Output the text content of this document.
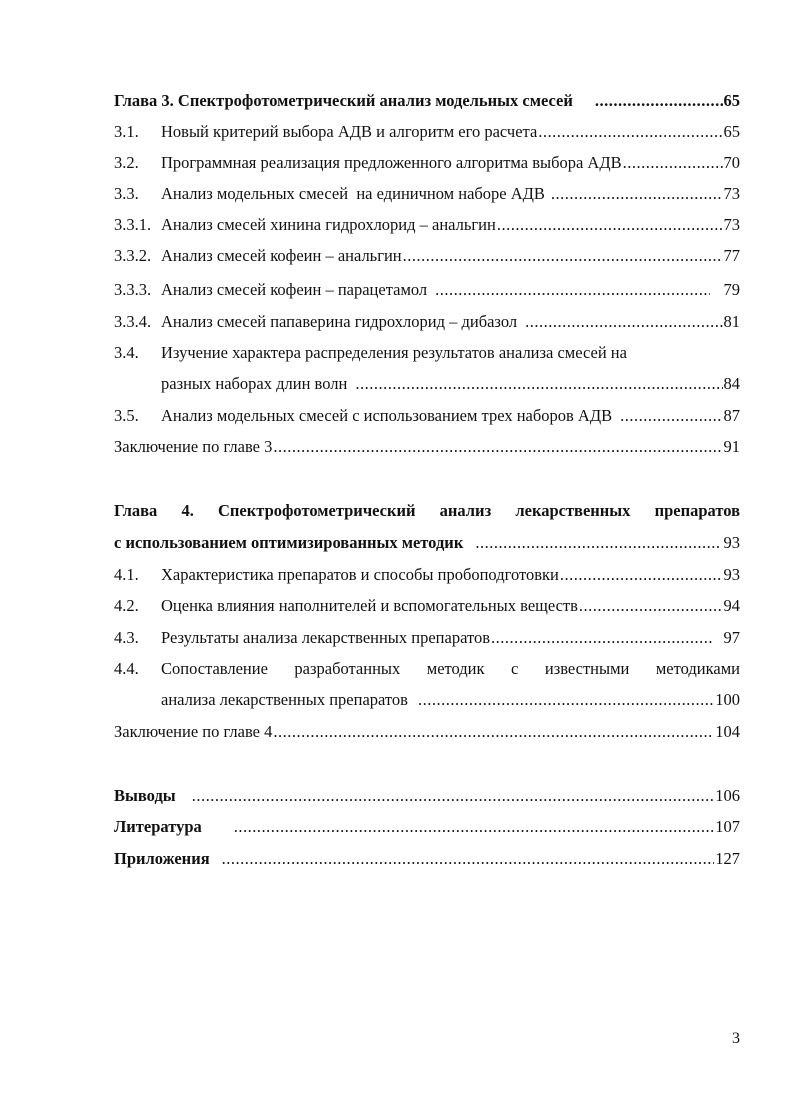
Глава 3. Спектрофотометрический анализ модельных смесей .....	65
3.1.	Новый критерий выбора АДВ и алгоритм его расчета .....	65
3.2.	Программная реализация предложенного алгоритма выбора АДВ .....	70
3.3.	Анализ модельных смесей  на единичном наборе АДВ .....	73
3.3.1. Анализ смесей хинина гидрохлорид – анальгин .....	73
3.3.2. Анализ смесей кофеин – анальгин .....	77
3.3.3. Анализ смесей кофеин – парацетамол .....	79
3.3.4. Анализ смесей папаверина гидрохлорид – дибазол .....	81
3.4.	Изучение характера распределения результатов анализа смесей на
разных наборах длин волн .....	84
3.5.	Анализ модельных смесей с использованием трех наборов АДВ .....	87
Заключение по главе 3 .....	91
Глава 4. Спектрофотометрический анализ лекарственных препаратов
с использованием оптимизированных методик .....	93
4.1.	Характеристика препаратов и способы пробоподготовки .....	93
4.2.	Оценка влияния наполнителей и вспомогательных веществ .....	94
4.3.	Результаты анализа лекарственных препаратов .....	97
4.4.	Сопоставление разработанных методик с известными методиками
анализа лекарственных препаратов .....	100
Заключение по главе 4 .....	104
Выводы .....	106
Литература .....	107
Приложения .....	127
3
